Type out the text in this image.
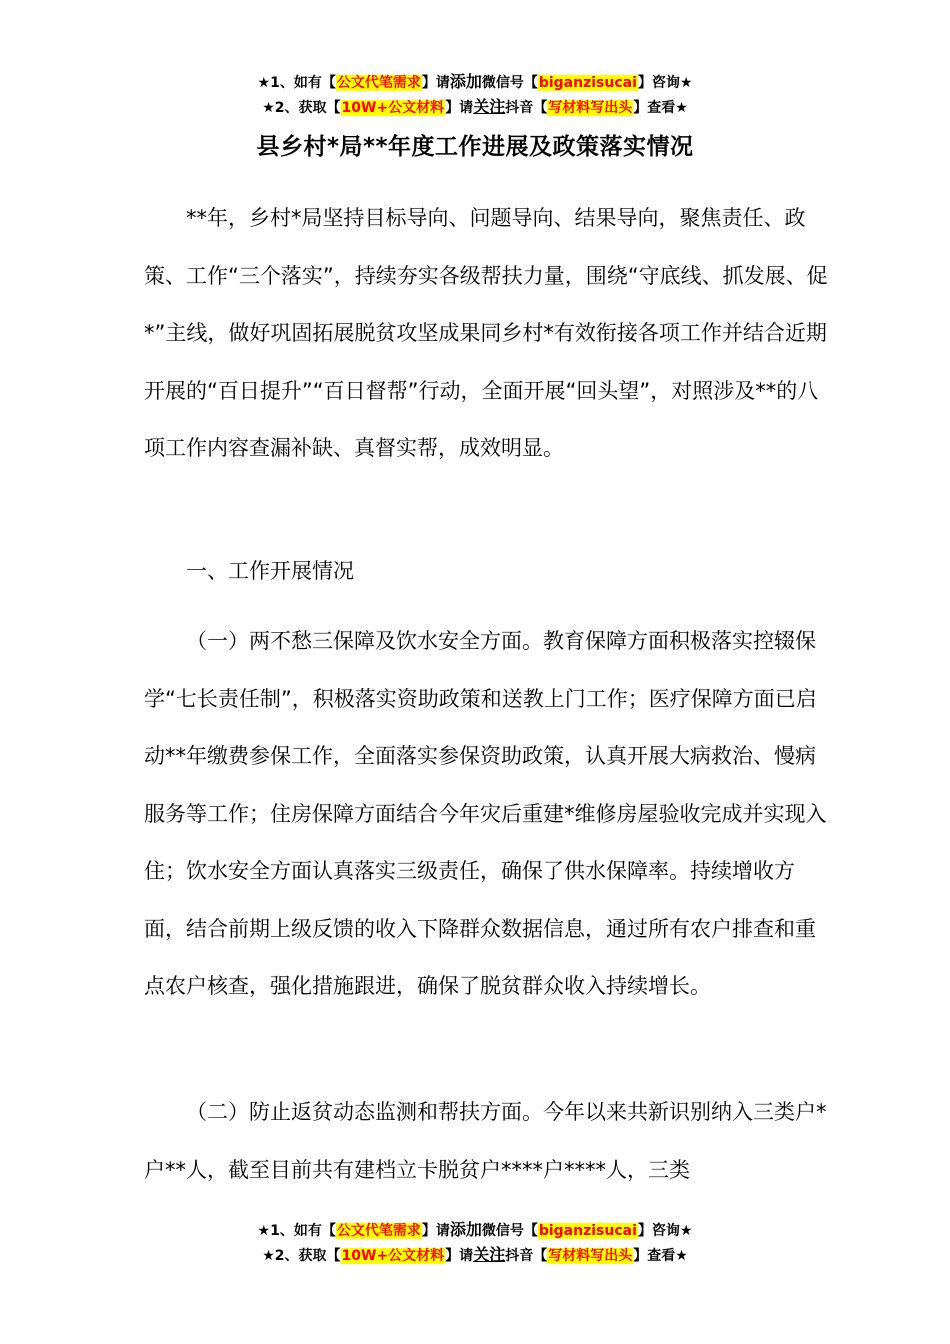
★1、如有【公文代笔需求】请添加微信号【biganzisucai】咨询★
★2、获取【10W+公文材料】请关注抖音【写材料写出头】查看★
县乡村*局**年度工作进展及政策落实情况

**年，乡村*局坚持目标导向、问题导向、结果导向，聚焦责任、政策、工作“三个落实”，持续夯实各级帮扶力量，围绕“守底线、抓发展、促*”主线，做好巩固拓展脱贫攻坚成果同乡村*有效衔接各项工作并结合近期开展的“百日提升”“百日督帮”行动，全面开展“回头望”，对照涉及**的八项工作内容查漏补缺、真督实帮，成效明显。

一、工作开展情况

（一）两不愁三保障及饮水安全方面。教育保障方面积极落实控辍保学“七长责任制”，积极落实资助政策和送教上门工作；医疗保障方面已启动**年缴费参保工作，全面落实参保资助政策，认真开展大病救治、慢病服务等工作；住房保障方面结合今年灾后重建*维修房屋验收完成并实现入住；饮水安全方面认真落实三级责任，确保了供水保障率。持续增收方面，结合前期上级反馈的收入下降群众数据信息，通过所有农户排查和重点农户核查，强化措施跟进，确保了脱贫群众收入持续增长。

（二）防止返贫动态监测和帮扶方面。今年以来共新识别纳入三类户*户**人，截至目前共有建档立卡脱贫户****户****人，三类

★1、如有【公文代笔需求】请添加微信号【biganzisucai】咨询★
★2、获取【10W+公文材料】请关注抖音【写材料写出头】查看★
